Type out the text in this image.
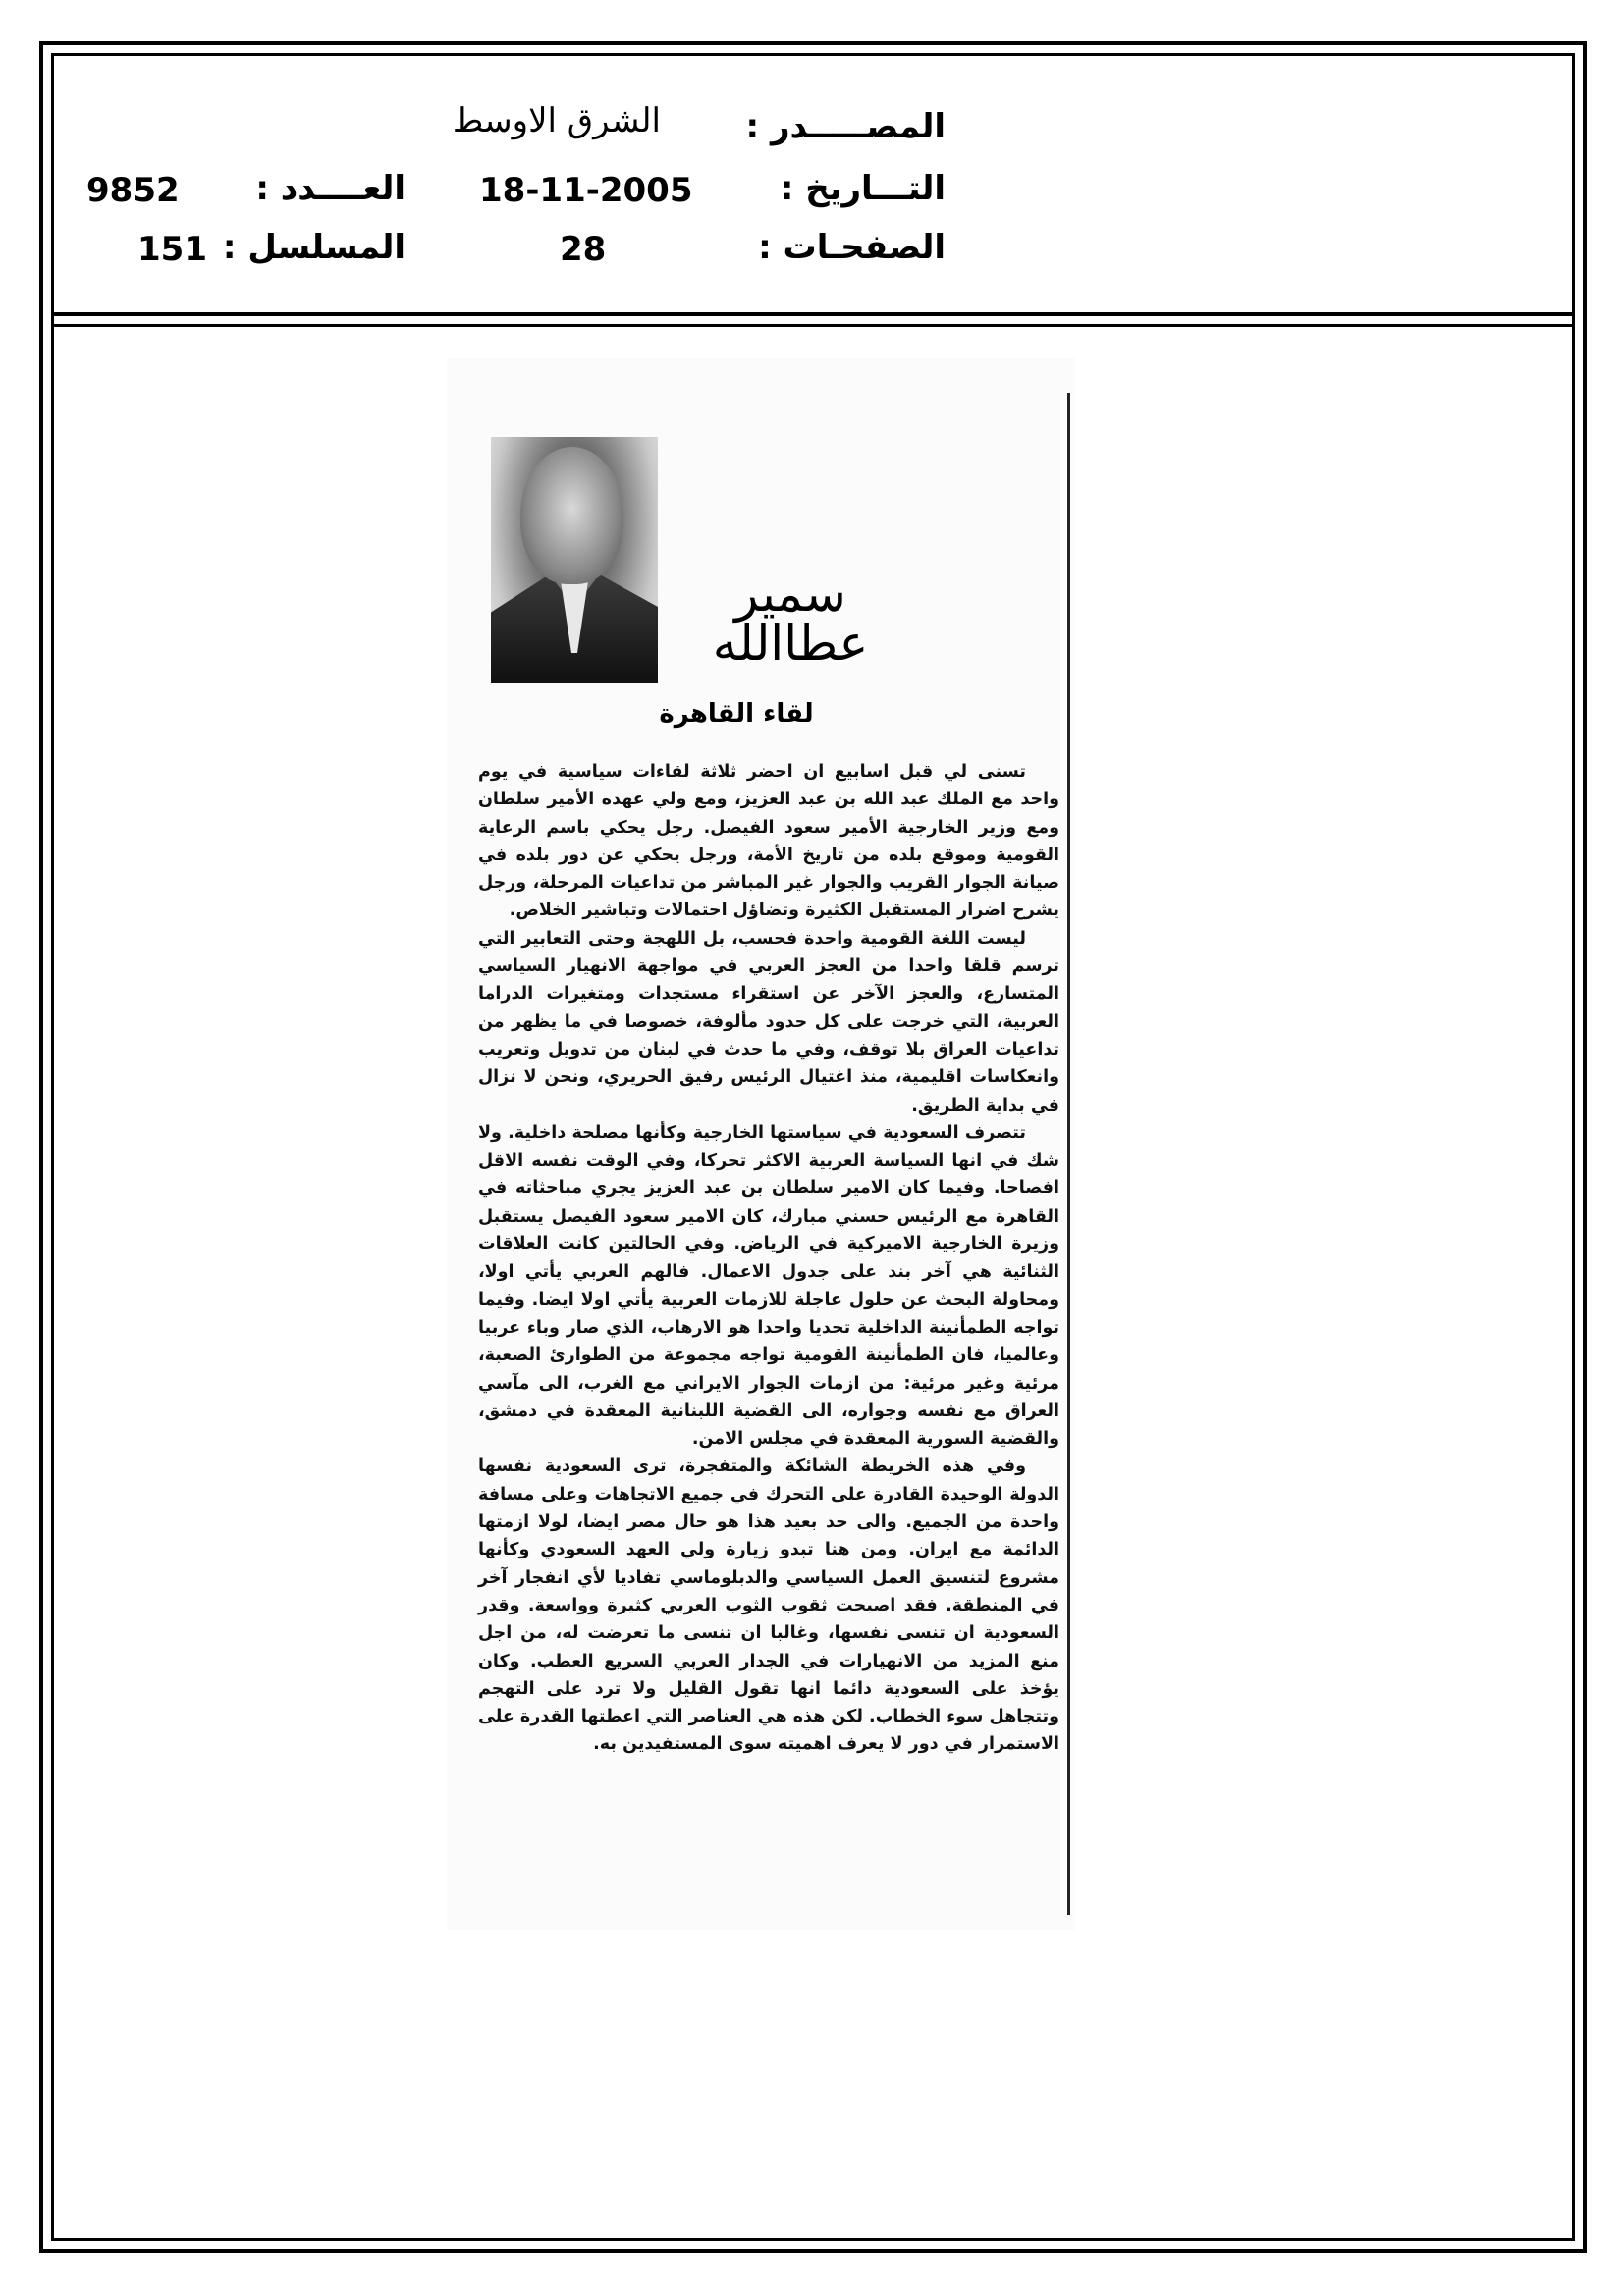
المصـــــدر :
التـــاريخ :
الصفحـات :
الشرق الاوسط
18-11-2005
28
العــــدد :
المسلسل :
9852
151
سمير عطاالله
لقاء القاهرة

تسنى لي قبل اسابيع ان احضر ثلاثة لقاءات سياسية في يوم واحد مع الملك عبد الله بن عبد العزيز، ومع ولي عهده الأمير سلطان ومع وزير الخارجية الأمير سعود الفيصل. رجل يحكي باسم الرعاية القومية وموقع بلده من تاريخ الأمة، ورجل يحكي عن دور بلده في صيانة الجوار القريب والجوار غير المباشر من تداعيات المرحلة، ورجل يشرح اضرار المستقبل الكثيرة وتضاؤل احتمالات وتباشير الخلاص.

ليست اللغة القومية واحدة فحسب، بل اللهجة وحتى التعابير التي ترسم قلقا واحدا من العجز العربي في مواجهة الانهيار السياسي المتسارع، والعجز الآخر عن استقراء مستجدات ومتغيرات الدراما العربية، التي خرجت على كل حدود مألوفة، خصوصا في ما يظهر من تداعيات العراق بلا توقف، وفي ما حدث في لبنان من تدويل وتعريب وانعكاسات اقليمية، منذ اغتيال الرئيس رفيق الحريري، ونحن لا نزال في بداية الطريق.

تتصرف السعودية في سياستها الخارجية وكأنها مصلحة داخلية. ولا شك في انها السياسة العربية الاكثر تحركا، وفي الوقت نفسه الاقل افصاحا. وفيما كان الامير سلطان بن عبد العزيز يجري مباحثاته في القاهرة مع الرئيس حسني مبارك، كان الامير سعود الفيصل يستقبل وزيرة الخارجية الاميركية في الرياض. وفي الحالتين كانت العلاقات الثنائية هي آخر بند على جدول الاعمال. فالهم العربي يأتي اولا، ومحاولة البحث عن حلول عاجلة للازمات العربية يأتي اولا ايضا. وفيما تواجه الطمأنينة الداخلية تحديا واحدا هو الارهاب، الذي صار وباء عربيا وعالميا، فان الطمأنينة القومية تواجه مجموعة من الطوارئ الصعبة، مرئية وغير مرئية: من ازمات الجوار الايراني مع الغرب، الى مآسي العراق مع نفسه وجواره، الى القضية اللبنانية المعقدة في دمشق، والقضية السورية المعقدة في مجلس الامن.

وفي هذه الخريطة الشائكة والمتفجرة، ترى السعودية نفسها الدولة الوحيدة القادرة على التحرك في جميع الاتجاهات وعلى مسافة واحدة من الجميع. والى حد بعيد هذا هو حال مصر ايضا، لولا ازمتها الدائمة مع ايران. ومن هنا تبدو زيارة ولي العهد السعودي وكأنها مشروع لتنسيق العمل السياسي والدبلوماسي تفاديا لأي انفجار آخر في المنطقة. فقد اصبحت ثقوب الثوب العربي كثيرة وواسعة. وقدر السعودية ان تنسى نفسها، وغالبا ان تنسى ما تعرضت له، من اجل منع المزيد من الانهيارات في الجدار العربي السريع العطب. وكان يؤخذ على السعودية دائما انها تقول القليل ولا ترد على التهجم وتتجاهل سوء الخطاب. لكن هذه هي العناصر التي اعطتها القدرة على الاستمرار في دور لا يعرف اهميته سوى المستفيدين به.
